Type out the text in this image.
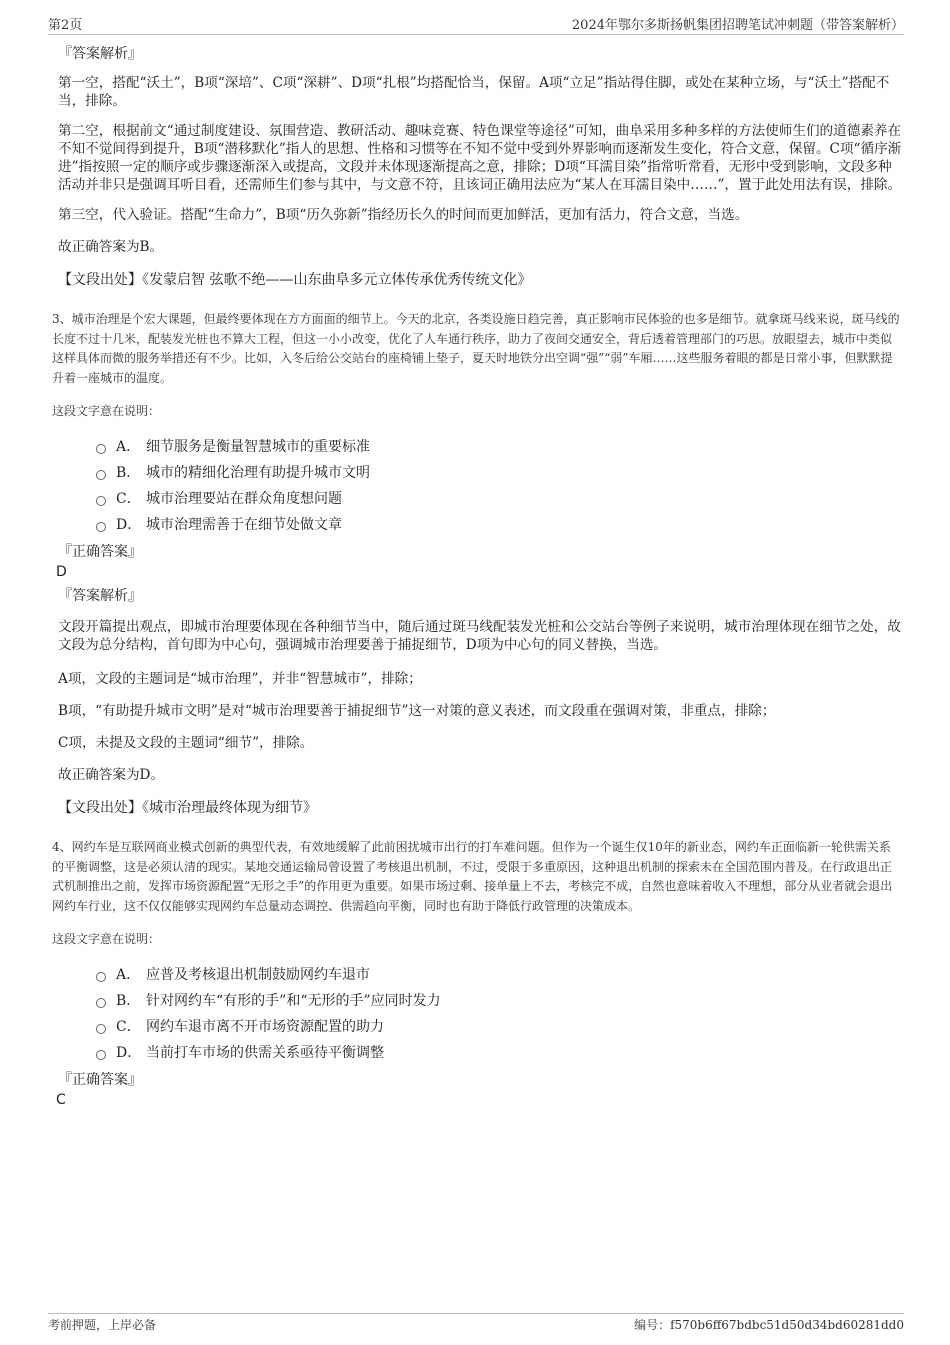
第2页	2024年鄂尔多斯扬帆集团招聘笔试冲刺题（带答案解析）
『答案解析』
第一空，搭配“沃土”，B项“深培”、C项“深耕”、D项“扎根”均搭配恰当，保留。A项“立足”指站得住脚，或处在某种立场，与“沃土”搭配不当，排除。
第二空，根据前文“通过制度建设、氛围营造、教研活动、趣味竞赛、特色课堂等途径”可知，曲阜采用多种多样的方法使师生们的道德素养在不知不觉间得到提升，B项“潜移默化”指人的思想、性格和习惯等在不知不觉中受到外界影响而逐渐发生变化，符合文意，保留。C项“循序渐进”指按照一定的顺序或步骤逐渐深入或提高，文段并未体现逐渐提高之意，排除；D项“耳濡目染”指常听常看，无形中受到影响，文段多种活动并非只是强调耳听目看，还需师生们参与其中，与文意不符，且该词正确用法应为“某人在耳濡目染中……”，置于此处用法有误，排除。
第三空，代入验证。搭配“生命力”，B项“历久弥新”指经历长久的时间而更加鲜活，更加有活力，符合文意，当选。
故正确答案为B。
【文段出处】《发蒙启智 弦歌不绝——山东曲阜多元立体传承优秀传统文化》
3、城市治理是个宏大课题，但最终要体现在方方面面的细节上。今天的北京，各类设施日趋完善，真正影响市民体验的也多是细节。就拿斑马线来说，斑马线的长度不过十几米，配装发光桩也不算大工程，但这一小小改变，优化了人车通行秩序，助力了夜间交通安全，背后透着管理部门的巧思。放眼望去，城市中类似这样具体而微的服务举措还有不少。比如，入冬后给公交站台的座椅铺上垫子，夏天时地铁分出空调“强”“弱”车厢……这些服务着眼的都是日常小事，但默默提升着一座城市的温度。
这段文字意在说明：
A． 细节服务是衡量智慧城市的重要标准
B． 城市的精细化治理有助提升城市文明
C． 城市治理要站在群众角度想问题
D． 城市治理需善于在细节处做文章
『正确答案』
D
『答案解析』
文段开篇提出观点，即城市治理要体现在各种细节当中，随后通过斑马线配装发光桩和公交站台等例子来说明，城市治理体现在细节之处，故文段为总分结构，首句即为中心句，强调城市治理要善于捕捉细节，D项为中心句的同义替换，当选。
A项，文段的主题词是“城市治理”，并非“智慧城市”，排除；
B项，“有助提升城市文明”是对“城市治理要善于捕捉细节”这一对策的意义表述，而文段重在强调对策，非重点，排除；
C项，未提及文段的主题词“细节”，排除。
故正确答案为D。
【文段出处】《城市治理最终体现为细节》
4、网约车是互联网商业模式创新的典型代表，有效地缓解了此前困扰城市出行的打车难问题。但作为一个诞生仅10年的新业态，网约车正面临新一轮供需关系的平衡调整，这是必须认清的现实。某地交通运输局曾设置了考核退出机制，不过，受限于多重原因，这种退出机制的探索未在全国范围内普及。在行政退出正式机制推出之前，发挥市场资源配置“无形之手”的作用更为重要。如果市场过剩、接单量上不去，考核完不成，自然也意味着收入不理想，部分从业者就会退出网约车行业，这不仅仅能够实现网约车总量动态调控、供需趋向平衡，同时也有助于降低行政管理的决策成本。
这段文字意在说明：
A． 应普及考核退出机制鼓励网约车退市
B． 针对网约车“有形的手”和“无形的手”应同时发力
C． 网约车退市离不开市场资源配置的助力
D． 当前打车市场的供需关系亟待平衡调整
『正确答案』
C
考前押题，上岸必备	编号：f570b6ff67bdbc51d50d34bd60281dd0
